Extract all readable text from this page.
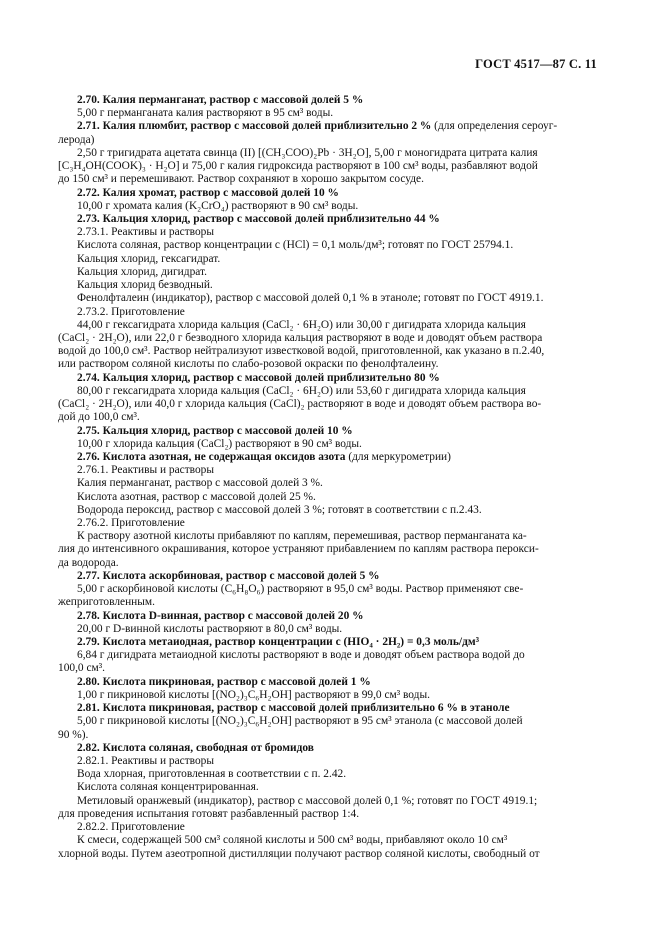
ГОСТ 4517—87 С. 11
2.70. Калия перманганат, раствор с массовой долей 5 %
5,00 г перманганата калия растворяют в 95 см³ воды.
2.71. Калия плюмбит, раствор с массовой долей приблизительно 2 % (для определения сероуг-
лерода)
2,50 г тригидрата ацетата свинца (II) [(CH₃COO)₂Pb · 3H₂O], 5,00 г моногидрата цитрата калия
[C₃H₄OH(COOK)₃ · H₂O] и 75,00 г калия гидроксида растворяют в 100 см³ воды, разбавляют водой
до 150 см³ и перемешивают. Раствор сохраняют в хорошо закрытом сосуде.
2.72. Калия хромат, раствор с массовой долей 10 %
10,00 г хромата калия (K₂CrO₄) растворяют в 90 см³ воды.
2.73. Кальция хлорид, раствор с массовой долей приблизительно 44 %
2.73.1. Реактивы и растворы
Кислота соляная, раствор концентрации c (HCl) = 0,1 моль/дм³; готовят по ГОСТ 25794.1.
Кальция хлорид, гексагидрат.
Кальция хлорид, дигидрат.
Кальция хлорид безводный.
Фенолфталеин (индикатор), раствор с массовой долей 0,1 % в этаноле; готовят по ГОСТ 4919.1.
2.73.2. Приготовление
44,00 г гексагидрата хлорида кальция (CaCl₂ · 6H₂O) или 30,00 г дигидрата хлорида кальция
(CaCl₂ · 2H₂O), или 22,0 г безводного хлорида кальция растворяют в воде и доводят объем раствора
водой до 100,0 см³. Раствор нейтрализуют известковой водой, приготовленной, как указано в п.2.40,
или раствором соляной кислоты по слабо-розовой окраски по фенолфталеину.
2.74. Кальция хлорид, раствор с массовой долей приблизительно 80 %
80,00 г гексагидрата хлорида кальция (CaCl₂ · 6H₂O) или 53,60 г дигидрата хлорида кальция
(CaCl₂ · 2H₂O), или 40,0 г хлорида кальция (CaCl)₂ растворяют в воде и доводят объем раствора во-
дой до 100,0 см³.
2.75. Кальция хлорид, раствор с массовой долей 10 %
10,00 г хлорида кальция (CaCl₂) растворяют в 90 см³ воды.
2.76. Кислота азотная, не содержащая оксидов азота (для меркурометрии)
2.76.1. Реактивы и растворы
Калия перманганат, раствор с массовой долей 3 %.
Кислота азотная, раствор с массовой долей 25 %.
Водорода пероксид, раствор с массовой долей 3 %; готовят в соответствии с п.2.43.
2.76.2. Приготовление
К раствору азотной кислоты прибавляют по каплям, перемешивая, раствор перманганата ка-
лия до интенсивного окрашивания, которое устраняют прибавлением по каплям раствора перокси-
да водорода.
2.77. Кислота аскорбиновая, раствор с массовой долей 5 %
5,00 г аскорбиновой кислоты (C₆H₈O₆) растворяют в 95,0 см³ воды. Раствор применяют све-
жеприготовленным.
2.78. Кислота D-винная, раствор с массовой долей 20 %
20,00 г D-винной кислоты растворяют в 80,0 см³ воды.
2.79. Кислота метаиодная, раствор концентрации c (HIO₄ · 2H₂) = 0,3 моль/дм³
6,84 г дигидрата метаиодной кислоты растворяют в воде и доводят объем раствора водой до
100,0 см³.
2.80. Кислота пикриновая, раствор с массовой долей 1 %
1,00 г пикриновой кислоты [(NO₂)₃C₆H₂OH] растворяют в 99,0 см³ воды.
2.81. Кислота пикриновая, раствор с массовой долей приблизительно 6 % в этаноле
5,00 г пикриновой кислоты [(NO₂)₃C₆H₂OH] растворяют в 95 см³ этанола (с массовой долей
90 %).
2.82. Кислота соляная, свободная от бромидов
2.82.1. Реактивы и растворы
Вода хлорная, приготовленная в соответствии с п. 2.42.
Кислота соляная концентрированная.
Метиловый оранжевый (индикатор), раствор с массовой долей 0,1 %; готовят по ГОСТ 4919.1;
для проведения испытания готовят разбавленный раствор 1:4.
2.82.2. Приготовление
К смеси, содержащей 500 см³ соляной кислоты и 500 см³ воды, прибавляют около 10 см³
хлорной воды. Путем азеотропной дистилляции получают раствор соляной кислоты, свободный от
